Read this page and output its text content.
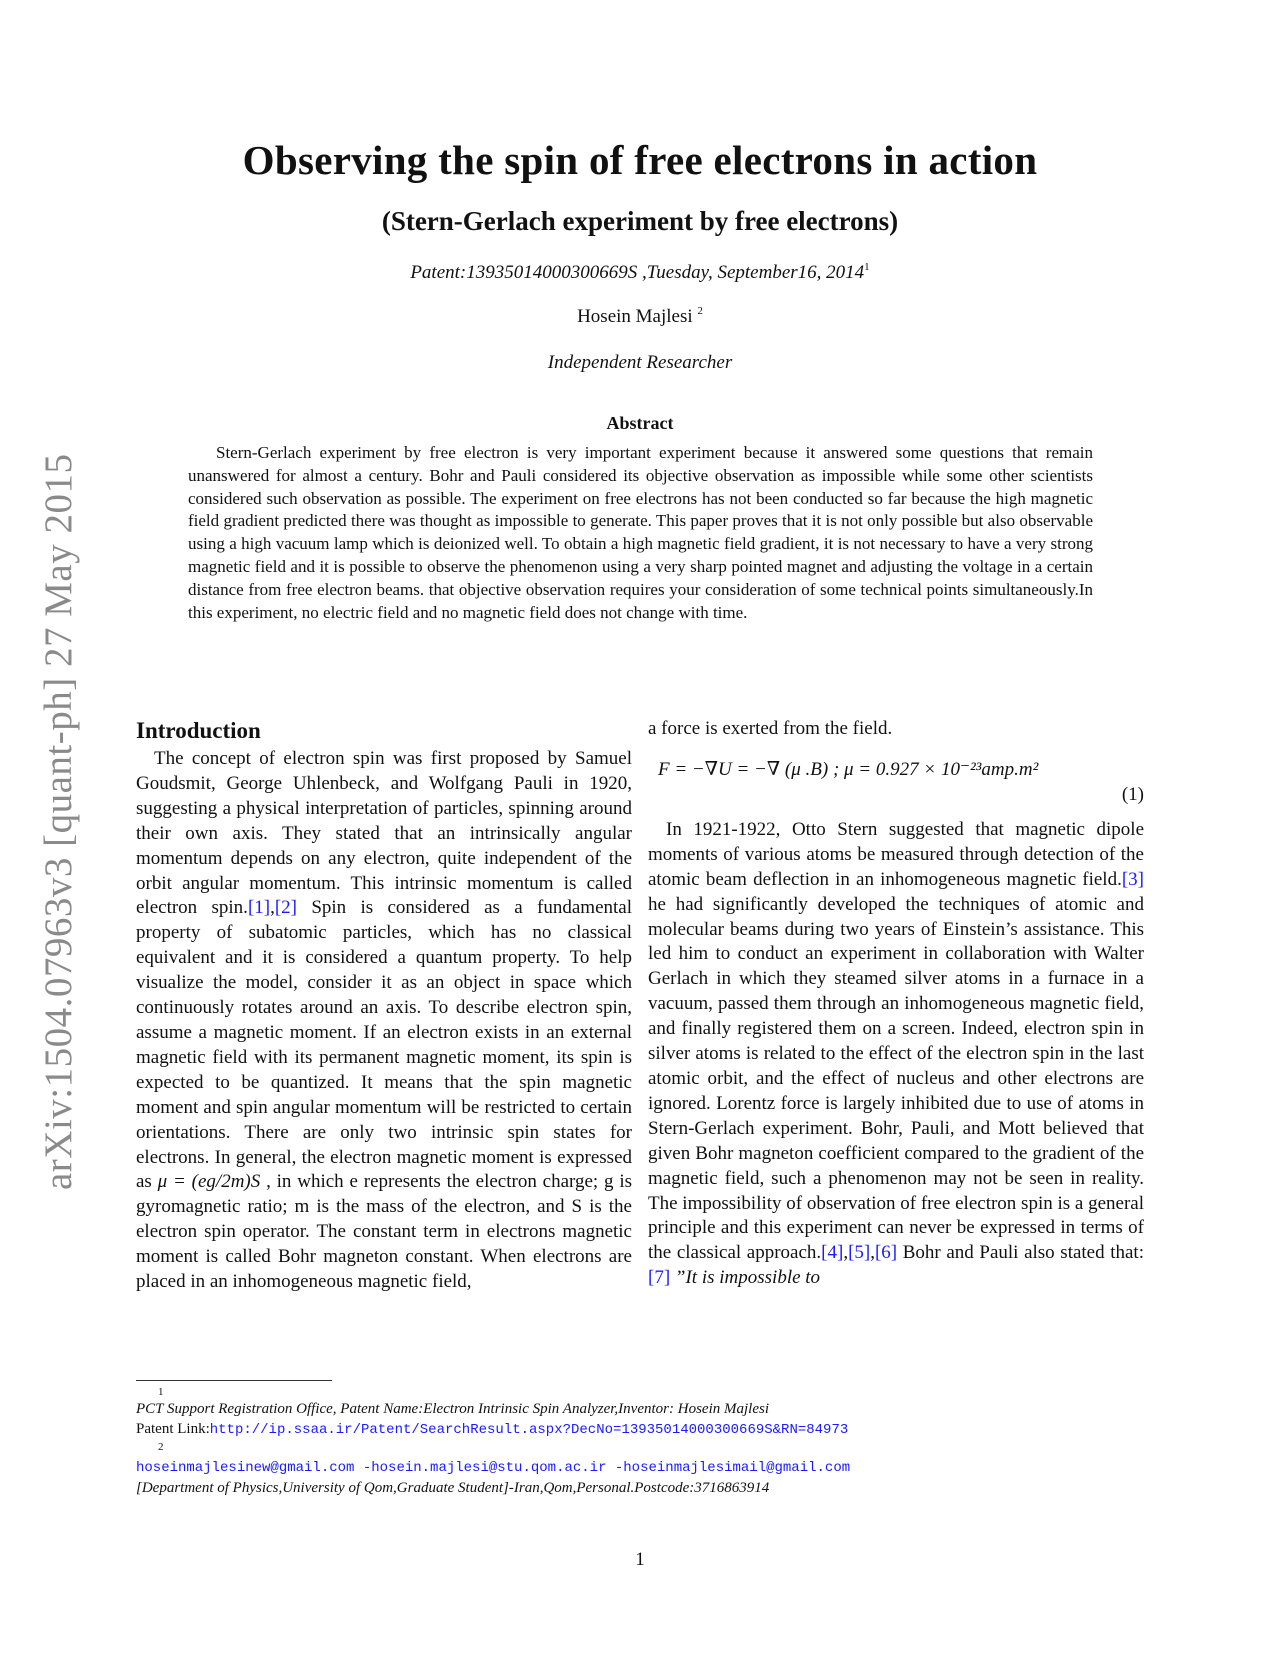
arXiv:1504.07963v3 [quant-ph] 27 May 2015
Observing the spin of free electrons in action
(Stern-Gerlach experiment by free electrons)
Patent:13935014000300669S ,Tuesday, September16, 2014$^1$
Hosein Majlesi $^2$
Independent Researcher
Abstract

Stern-Gerlach experiment by free electron is very important experiment because it answered some questions that remain unanswered for almost a century. Bohr and Pauli considered its objective observation as impossible while some other scientists considered such observation as possible. The experiment on free electrons has not been conducted so far because the high magnetic field gradient predicted there was thought as impossible to generate. This paper proves that it is not only possible but also observable using a high vacuum lamp which is deionized well. To obtain a high magnetic field gradient, it is not necessary to have a very strong magnetic field and it is possible to observe the phenomenon using a very sharp pointed magnet and adjusting the voltage in a certain distance from free electron beams. that objective observation requires your consideration of some technical points simultaneously.In this experiment, no electric field and no magnetic field does not change with time.

Introduction

The concept of electron spin was first proposed by Samuel Goudsmit, George Uhlenbeck, and Wolfgang Pauli in 1920, suggesting a physical interpretation of particles, spinning around their own axis. They stated that an intrinsically angular momentum depends on any electron, quite independent of the orbit angular momentum. This intrinsic momentum is called electron spin.[1],[2] Spin is considered as a fundamental property of subatomic particles, which has no classical equivalent and it is considered a quantum property. To help visualize the model, consider it as an object in space which continuously rotates around an axis. To describe electron spin, assume a magnetic moment. If an electron exists in an external magnetic field with its permanent magnetic moment, its spin is expected to be quantized. It means that the spin magnetic moment and spin angular momentum will be restricted to certain orientations. There are only two intrinsic spin states for electrons. In general, the electron magnetic moment is expressed as μ = (eg/2m)S , in which e represents the electron charge; g is gyromagnetic ratio; m is the mass of the electron, and S is the electron spin operator. The constant term in electrons magnetic moment is called Bohr magneton constant. When electrons are placed in an inhomogeneous magnetic field,

a force is exerted from the field.

F = −∇U = −∇ (μ .B) ; μ = 0.927 × 10⁻²³amp.m²
(1)

In 1921-1922, Otto Stern suggested that magnetic dipole moments of various atoms be measured through detection of the atomic beam deflection in an inhomogeneous magnetic field.[3] he had significantly developed the techniques of atomic and molecular beams during two years of Einstein’s assistance. This led him to conduct an experiment in collaboration with Walter Gerlach in which they steamed silver atoms in a furnace in a vacuum, passed them through an inhomogeneous magnetic field, and finally registered them on a screen. Indeed, electron spin in silver atoms is related to the effect of the electron spin in the last atomic orbit, and the effect of nucleus and other electrons are ignored. Lorentz force is largely inhibited due to use of atoms in Stern-Gerlach experiment. Bohr, Pauli, and Mott believed that given Bohr magneton coefficient compared to the gradient of the magnetic field, such a phenomenon may not be seen in reality. The impossibility of observation of free electron spin is a general principle and this experiment can never be expressed in terms of the classical approach.[4],[5],[6] Bohr and Pauli also stated that:[7] ”It is impossible to

1
PCT Support Registration Office, Patent Name:Electron Intrinsic Spin Analyzer,Inventor: Hosein Majlesi
Patent Link:http://ip.ssaa.ir/Patent/SearchResult.aspx?DecNo=13935014000300669S&RN=84973
2
hoseinmajlesinew@gmail.com -hosein.majlesi@stu.qom.ac.ir -hoseinmajlesimail@gmail.com
[Department of Physics,University of Qom,Graduate Student]-Iran,Qom,Personal.Postcode:3716863914
1
